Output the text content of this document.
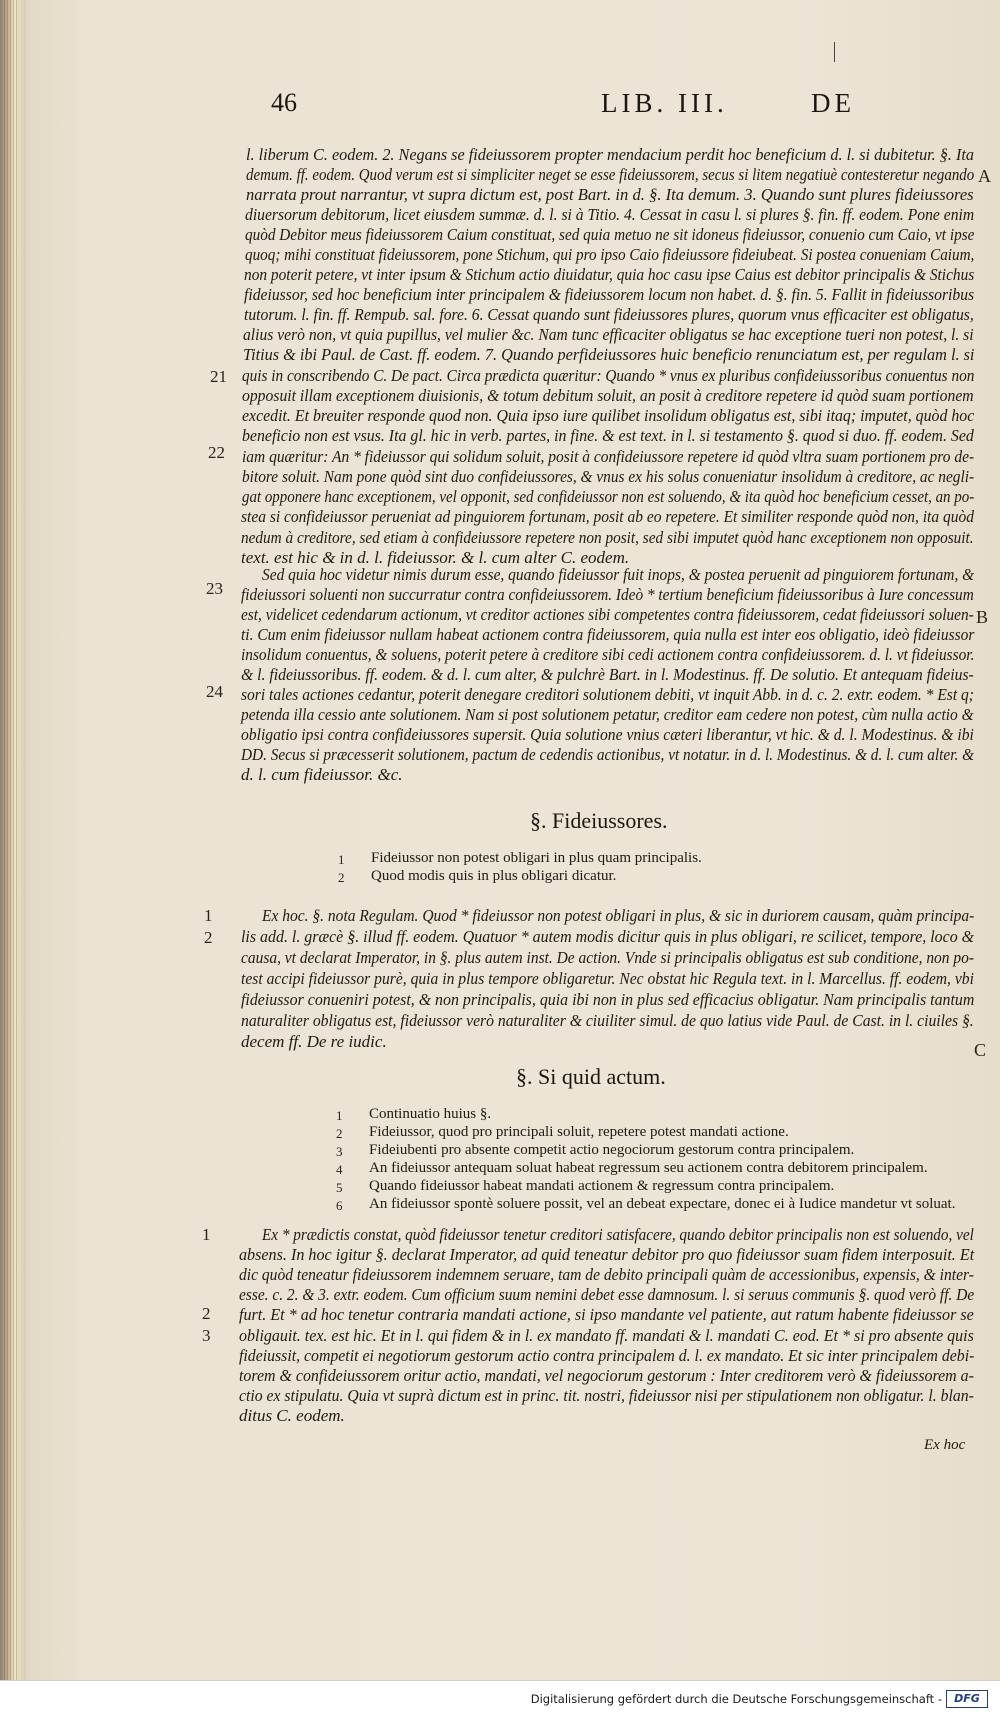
46	LIB. III.	DE
A
B
C
21
22
23
24
1
2
1
2
3
l. liberum C. eodem. 2. Negans se fideiussorem propter mendacium perdit hoc beneficium d. l. si dubitetur. §. Ita
demum. ff. eodem. Quod verum est si simpliciter neget se esse fideiussorem, secus si litem negatiuè contesteretur negando
narrata prout narrantur, vt supra dictum est, post Bart. in d. §. Ita demum. 3. Quando sunt plures fideiussores
diuersorum debitorum, licet eiusdem summæ. d. l. si à Titio. 4. Cessat in casu l. si plures §. fin. ff. eodem. Pone enim
quòd Debitor meus fideiussorem Caium constituat, sed quia metuo ne sit idoneus fideiussor, conuenio cum Caio, vt ipse
quoq; mihi constituat fideiussorem, pone Stichum, qui pro ipso Caio fideiussore fideiubeat. Si postea conueniam Caium,
non poterit petere, vt inter ipsum & Stichum actio diuidatur, quia hoc casu ipse Caius est debitor principalis & Stichus
fideiussor, sed hoc beneficium inter principalem & fideiussorem locum non habet. d. §. fin. 5. Fallit in fideiussoribus
tutorum. l. fin. ff. Rempub. sal. fore. 6. Cessat quando sunt fideiussores plures, quorum vnus efficaciter est obligatus,
alius verò non, vt quia pupillus, vel mulier &c. Nam tunc efficaciter obligatus se hac exceptione tueri non potest, l. si
Titius & ibi Paul. de Cast. ff. eodem. 7. Quando perfideiussores huic beneficio renunciatum est, per regulam l. si
quis in conscribendo C. De pact. Circa prædicta quæritur: Quando * vnus ex pluribus confideiussoribus conuentus non
opposuit illam exceptionem diuisionis, & totum debitum soluit, an posit à creditore repetere id quòd suam portionem
excedit. Et breuiter responde quod non. Quia ipso iure quilibet insolidum obligatus est, sibi itaq; imputet, quòd hoc
beneficio non est vsus. Ita gl. hic in verb. partes, in fine. & est text. in l. si testamento §. quod si duo. ff. eodem. Sed
iam quæritur: An * fideiussor qui solidum soluit, posit à confideiussore repetere id quòd vltra suam portionem pro de-
bitore soluit. Nam pone quòd sint duo confideiussores, & vnus ex his solus conueniatur insolidum à creditore, ac negli-
gat opponere hanc exceptionem, vel opponit, sed confideiussor non est soluendo, & ita quòd hoc beneficium cesset, an po-
stea si confideiussor perueniat ad pinguiorem fortunam, posit ab eo repetere. Et similiter responde quòd non, ita quòd
nedum à creditore, sed etiam à confideiussore repetere non posit, sed sibi imputet quòd hanc exceptionem non opposuit.
text. est hic & in d. l. fideiussor. & l. cum alter C. eodem.
Sed quia hoc videtur nimis durum esse, quando fideiussor fuit inops, & postea peruenit ad pinguiorem fortunam, &
fideiussori soluenti non succurratur contra confideiussorem. Ideò * tertium beneficium fideiussoribus à Iure concessum
est, videlicet cedendarum actionum, vt creditor actiones sibi competentes contra fideiussorem, cedat fideiussori soluen-
ti. Cum enim fideiussor nullam habeat actionem contra fideiussorem, quia nulla est inter eos obligatio, ideò fideiussor
insolidum conuentus, & soluens, poterit petere à creditore sibi cedi actionem contra confideiussorem. d. l. vt fideiussor.
& l. fideiussoribus. ff. eodem. & d. l. cum alter, & pulchrè Bart. in l. Modestinus. ff. De solutio. Et antequam fideius-
sori tales actiones cedantur, poterit denegare creditori solutionem debiti, vt inquit Abb. in d. c. 2. extr. eodem. * Est q;
petenda illa cessio ante solutionem. Nam si post solutionem petatur, creditor eam cedere non potest, cùm nulla actio &
obligatio ipsi contra confideiussores supersit. Quia solutione vnius cæteri liberantur, vt hic. & d. l. Modestinus. & ibi
DD. Secus si præcesserit solutionem, pactum de cedendis actionibus, vt notatur. in d. l. Modestinus. & d. l. cum alter. &
d. l. cum fideiussor. &c.
§. Fideiussores.
1 Fideiussor non potest obligari in plus quam principalis.
2 Quod modis quis in plus obligari dicatur.
Ex hoc. §. nota Regulam. Quod * fideiussor non potest obligari in plus, & sic in duriorem causam, quàm principa-
lis add. l. græcè §. illud ff. eodem. Quatuor * autem modis dicitur quis in plus obligari, re scilicet, tempore, loco &
causa, vt declarat Imperator, in §. plus autem inst. De action. Vnde si principalis obligatus est sub conditione, non po-
test accipi fideiussor purè, quia in plus tempore obligaretur. Nec obstat hic Regula text. in l. Marcellus. ff. eodem, vbi
fideiussor conueniri potest, & non principalis, quia ibi non in plus sed efficacius obligatur. Nam principalis tantum
naturaliter obligatus est, fideiussor verò naturaliter & ciuiliter simul. de quo latius vide Paul. de Cast. in l. ciuiles §.
decem ff. De re iudic.
§. Si quid actum.
1 Continuatio huius §.
2 Fideiussor, quod pro principali soluit, repetere potest mandati actione.
3 Fideiubenti pro absente competit actio negociorum gestorum contra principalem.
4 An fideiussor antequam soluat habeat regressum seu actionem contra debitorem principalem.
5 Quando fideiussor habeat mandati actionem & regressum contra principalem.
6 An fideiussor spontè soluere possit, vel an debeat expectare, donec ei à Iudice mandetur vt soluat.
Ex * prædictis constat, quòd fideiussor tenetur creditori satisfacere, quando debitor principalis non est soluendo, vel
absens. In hoc igitur §. declarat Imperator, ad quid teneatur debitor pro quo fideiussor suam fidem interposuit. Et
dic quòd teneatur fideiussorem indemnem seruare, tam de debito principali quàm de accessionibus, expensis, & inter-
esse. c. 2. & 3. extr. eodem. Cum officium suum nemini debet esse damnosum. l. si seruus communis §. quod verò ff. De
furt. Et * ad hoc tenetur contraria mandati actione, si ipso mandante vel patiente, aut ratum habente fideiussor se
obligauit. tex. est hic. Et in l. qui fidem & in l. ex mandato ff. mandati & l. mandati C. eod. Et * si pro absente quis
fideiussit, competit ei negotiorum gestorum actio contra principalem d. l. ex mandato. Et sic inter principalem debi-
torem & confideiussorem oritur actio, mandati, vel negociorum gestorum : Inter creditorem verò & fideiussorem a-
ctio ex stipulatu. Quia vt suprà dictum est in princ. tit. nostri, fideiussor nisi per stipulationem non obligatur. l. blan-
ditus C. eodem.
Ex hoc
Digitalisierung gefördert durch die Deutsche Forschungsgemeinschaft -	DFG
